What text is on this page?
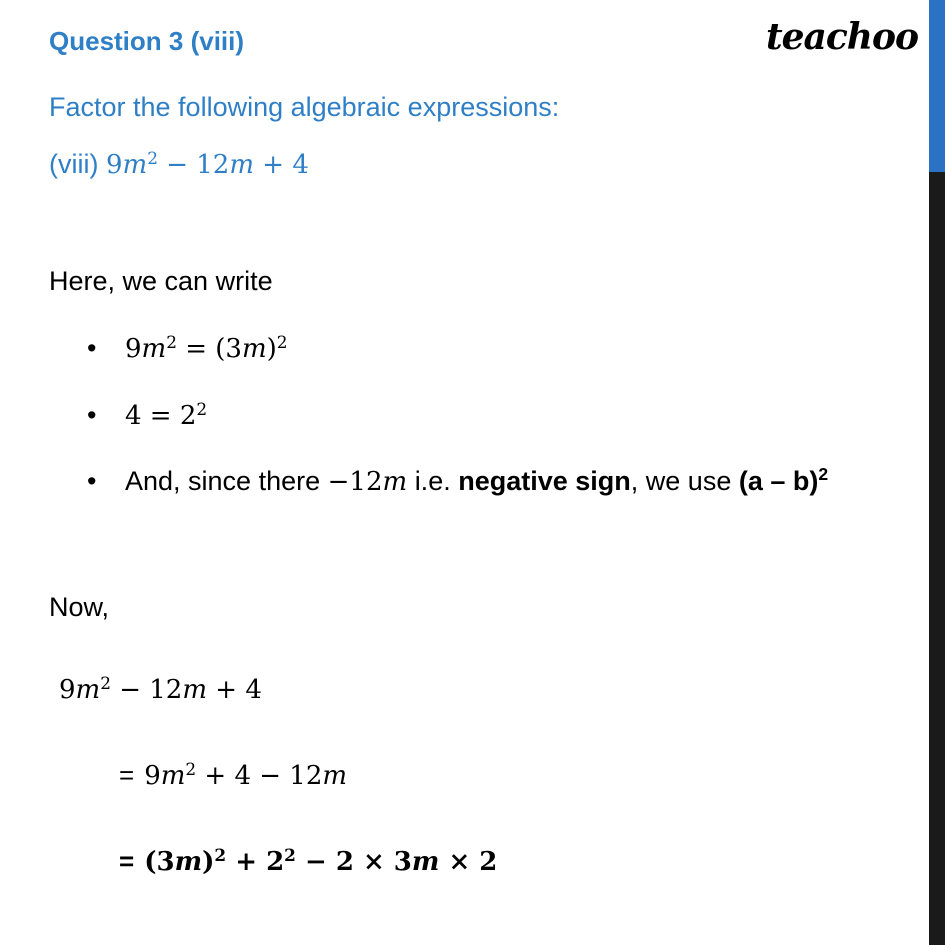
Question 3 (viii)	teachoo
Factor the following algebraic expressions:
(viii) $9m^2 - 12m + 4$
Here, we can write
• $9m^2 = (3m)^2$
• $4 = 2^2$
• And, since there −12m i.e. negative sign, we use (a – b)$^2$
Now,
$9m^2 - 12m + 4$
= $9m^2 + 4 - 12m$
= $(3m)^2 + 2^2 - 2 \times 3m \times 2$
